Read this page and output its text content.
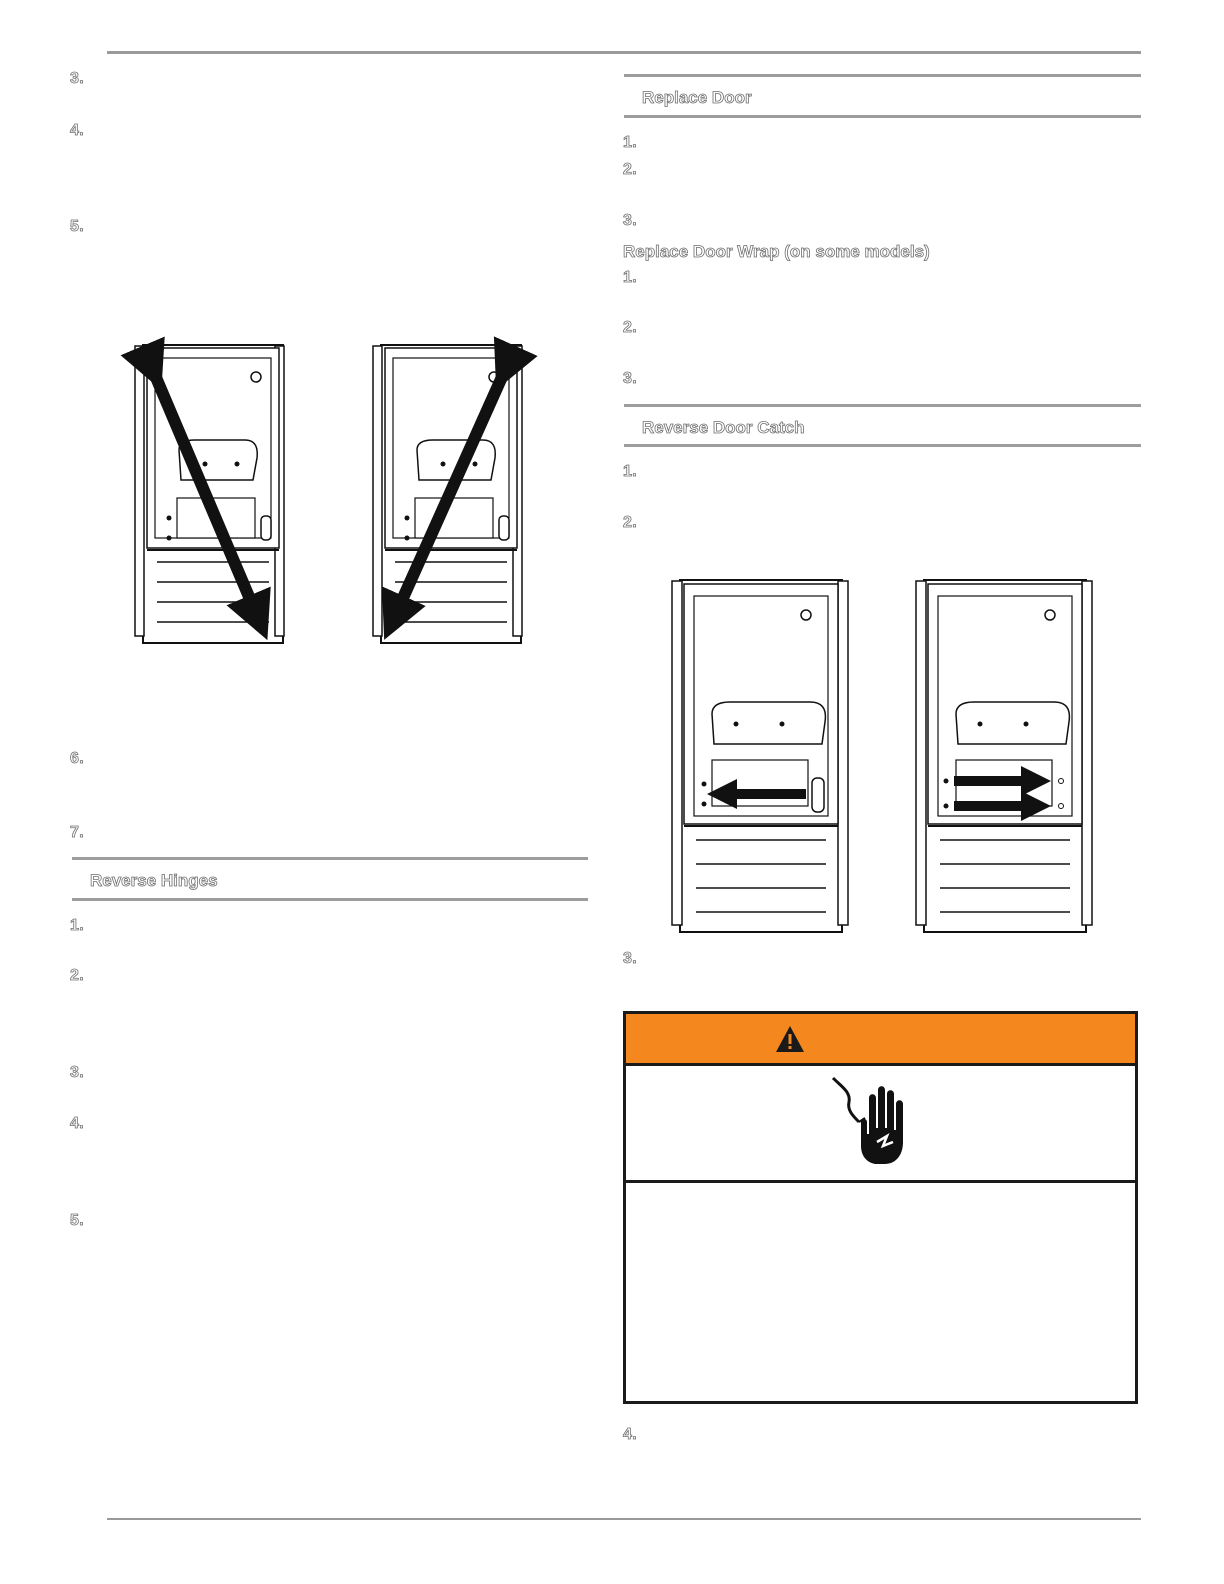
3.
4.
5.
6.
7.
Reverse Hinges
1.
2.
3.
4.
5.
Replace Door
1.
2.
3.
Replace Door Wrap (on some models)
1.
2.
3.
Reverse Door Catch
1.
2.
3.
4.
